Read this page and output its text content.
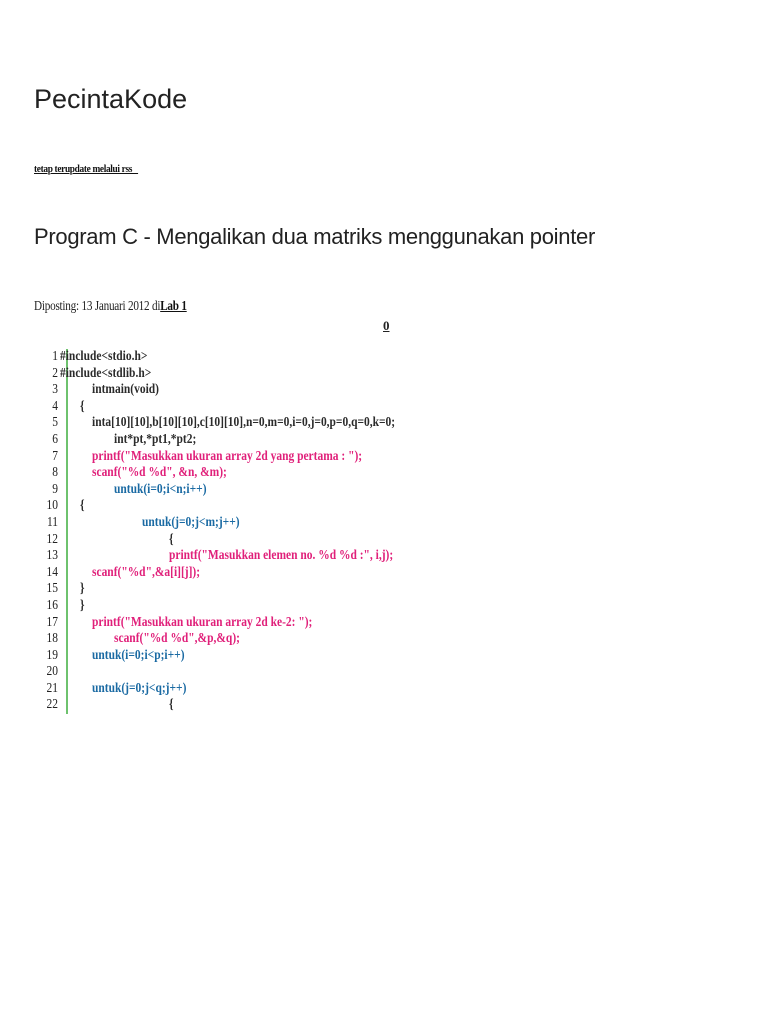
PecintaKode
tetap terupdate melalui rss
Program C - Mengalikan dua matriks menggunakan pointer
Diposting: 13 Januari 2012 diLab 1
0
1 #include<stdio.h>
2 #include<stdlib.h>
3 intmain(void)
4 {
5 inta[10][10],b[10][10],c[10][10],n=0,m=0,i=0,j=0,p=0,q=0,k=0;
6	int*pt,*pt1,*pt2;
7 printf("Masukkan ukuran array 2d yang pertama : ");
8 scanf("%d %d", &n, &m);
9	untuk(i=0;i<n;i++)
10 {
11	untuk(j=0;j<m;j++)
12	{
13	printf("Masukkan elemen no. %d %d :", i,j);
14 scanf("%d",&a[i][j]);
15 }
16 }
17 printf("Masukkan ukuran array 2d ke-2: ");
18	scanf("%d %d",&p,&q);
19 untuk(i=0;i<p;i++)
20
21 untuk(j=0;j<q;j++)
22	{
